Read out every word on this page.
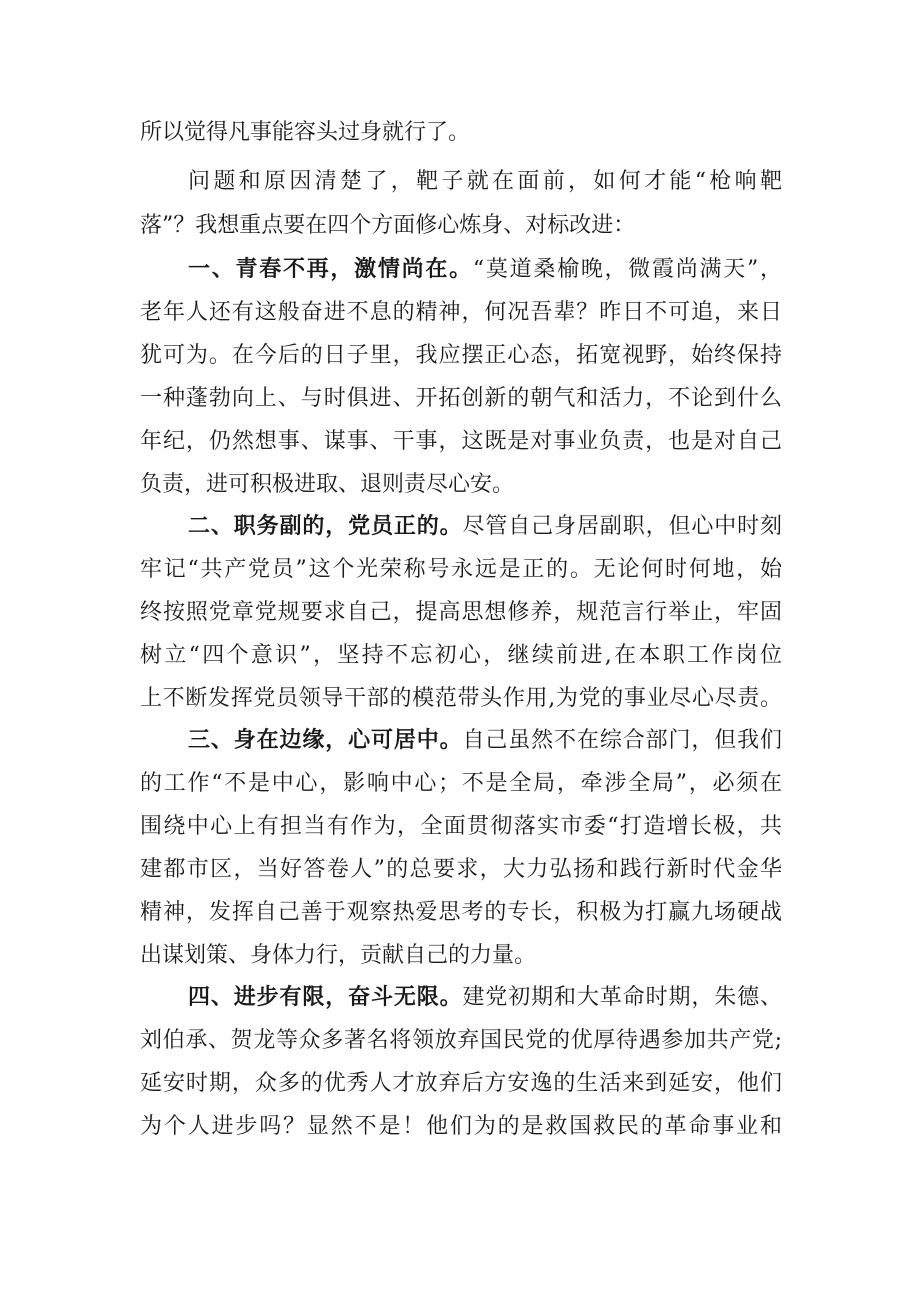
所以觉得凡事能容头过身就行了。
问题和原因清楚了，靶子就在面前，如何才能“枪响靶
落”？我想重点要在四个方面修心炼身、对标改进：
一、青春不再，激情尚在。“莫道桑榆晚，微霞尚满天”，
老年人还有这般奋进不息的精神，何况吾辈？昨日不可追，来日
犹可为。在今后的日子里，我应摆正心态，拓宽视野，始终保持
一种蓬勃向上、与时俱进、开拓创新的朝气和活力，不论到什么
年纪，仍然想事、谋事、干事，这既是对事业负责，也是对自己
负责，进可积极进取、退则责尽心安。
二、职务副的，党员正的。尽管自己身居副职，但心中时刻
牢记“共产党员”这个光荣称号永远是正的。无论何时何地，始
终按照党章党规要求自己，提高思想修养，规范言行举止，牢固
树立“四个意识”，坚持不忘初心，继续前进,在本职工作岗位
上不断发挥党员领导干部的模范带头作用,为党的事业尽心尽责。
三、身在边缘，心可居中。自己虽然不在综合部门，但我们
的工作“不是中心，影响中心；不是全局，牵涉全局”，必须在
围绕中心上有担当有作为，全面贯彻落实市委“打造增长极，共
建都市区，当好答卷人”的总要求，大力弘扬和践行新时代金华
精神，发挥自己善于观察热爱思考的专长，积极为打赢九场硬战
出谋划策、身体力行，贡献自己的力量。
四、进步有限，奋斗无限。建党初期和大革命时期，朱德、
刘伯承、贺龙等众多著名将领放弃国民党的优厚待遇参加共产党;
延安时期，众多的优秀人才放弃后方安逸的生活来到延安，他们
为个人进步吗？显然不是！他们为的是救国救民的革命事业和
